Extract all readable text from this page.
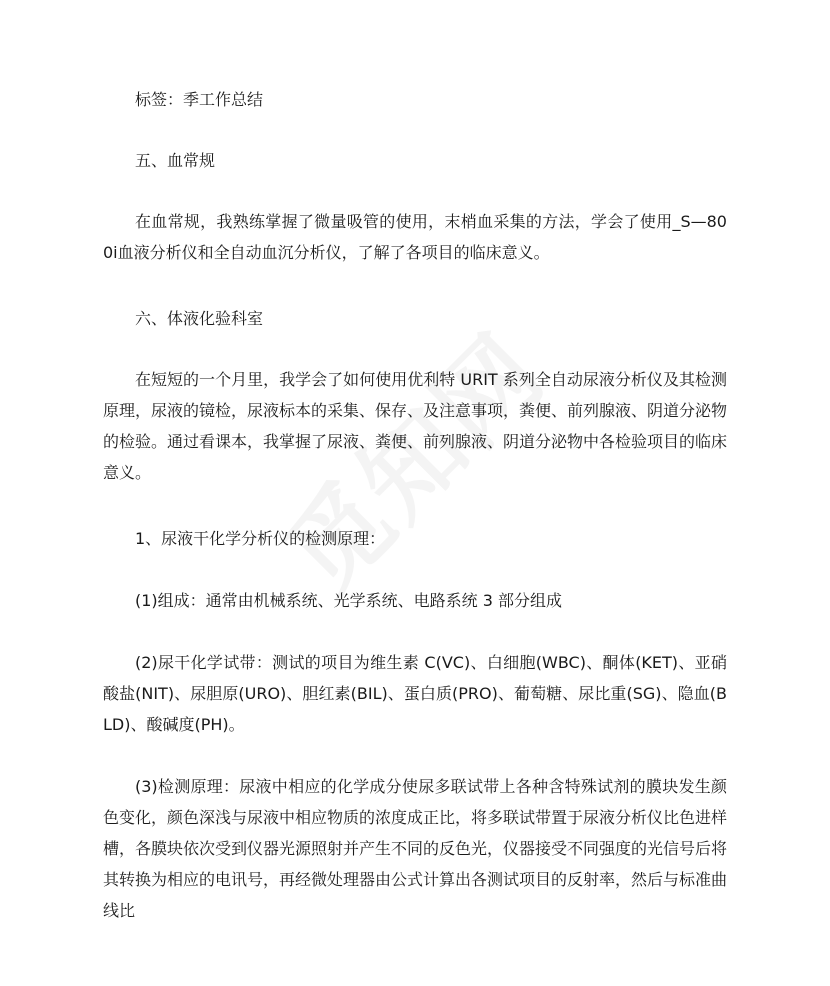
标签：季工作总结

五、血常规

在血常规，我熟练掌握了微量吸管的使用，末梢血采集的方法，学会了使用_S—800i血液分析仪和全自动血沉分析仪，了解了各项目的临床意义。

六、体液化验科室

在短短的一个月里，我学会了如何使用优利特 URIT 系列全自动尿液分析仪及其检测原理，尿液的镜检，尿液标本的采集、保存、及注意事项，粪便、前列腺液、阴道分泌物的检验。通过看课本，我掌握了尿液、粪便、前列腺液、阴道分泌物中各检验项目的临床意义。

1、尿液干化学分析仪的检测原理：

(1)组成：通常由机械系统、光学系统、电路系统 3 部分组成

(2)尿干化学试带：测试的项目为维生素 C(VC)、白细胞(WBC)、酮体(KET)、亚硝酸盐(NIT)、尿胆原(URO)、胆红素(BIL)、蛋白质(PRO)、葡萄糖、尿比重(SG)、隐血(BLD)、酸碱度(PH)。

(3)检测原理：尿液中相应的化学成分使尿多联试带上各种含特殊试剂的膜块发生颜色变化，颜色深浅与尿液中相应物质的浓度成正比，将多联试带置于尿液分析仪比色进样槽，各膜块依次受到仪器光源照射并产生不同的反色光，仪器接受不同强度的光信号后将其转换为相应的电讯号，再经微处理器由公式计算出各测试项目的反射率，然后与标准曲线比
